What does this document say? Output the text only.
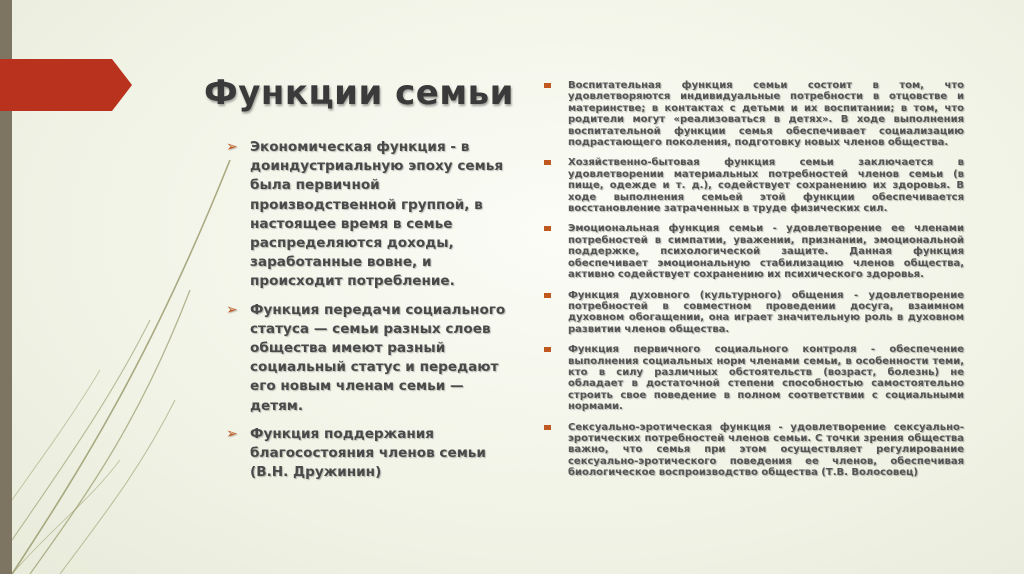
Функции семьи
➢ Экономическая функция - в доиндустриальную эпоху семья была первичной производственной группой, в настоящее время в семье распределяются доходы, заработанные вовне, и происходит потребление.
➢ Функция передачи социального статуса — семьи разных слоев общества имеют разный социальный статус и передают его новым членам семьи — детям.
➢ Функция поддержания благосостояния членов семьи (В.Н. Дружинин)
Воспитательная функция семьи состоит в том, что удовлетворяются индивидуальные потребности в отцовстве и материнстве; в контактах с детьми и их воспитании; в том, что родители могут «реализоваться в детях». В ходе выполнения воспитательной функции семья обеспечивает социализацию подрастающего поколения, подготовку новых членов общества.
Хозяйственно-бытовая функция семьи заключается в удовлетворении материальных потребностей членов семьи (в пище, одежде и т. д.), содействует сохранению их здоровья. В ходе выполнения семьей этой функции обеспечивается восстановление затраченных в труде физических сил.
Эмоциональная функция семьи - удовлетворение ее членами потребностей в симпатии, уважении, признании, эмоциональной поддержке, психологической защите. Данная функция обеспечивает эмоциональную стабилизацию членов общества, активно содействует сохранению их психического здоровья.
Функция духовного (культурного) общения - удовлетворение потребностей в совместном проведении досуга, взаимном духовном обогащении, она играет значительную роль в духовном развитии членов общества.
Функция первичного социального контроля - обеспечение выполнения социальных норм членами семьи, в особенности теми, кто в силу различных обстоятельств (возраст, болезнь) не обладает в достаточной степени способностью самостоятельно строить свое поведение в полном соответствии с социальными нормами.
Сексуально-эротическая функция - удовлетворение сексуально-эротических потребностей членов семьи. С точки зрения общества важно, что семья при этом осуществляет регулирование сексуально-эротического поведения ее членов, обеспечивая биологическое воспроизводство общества (Т.В. Волосовец)
